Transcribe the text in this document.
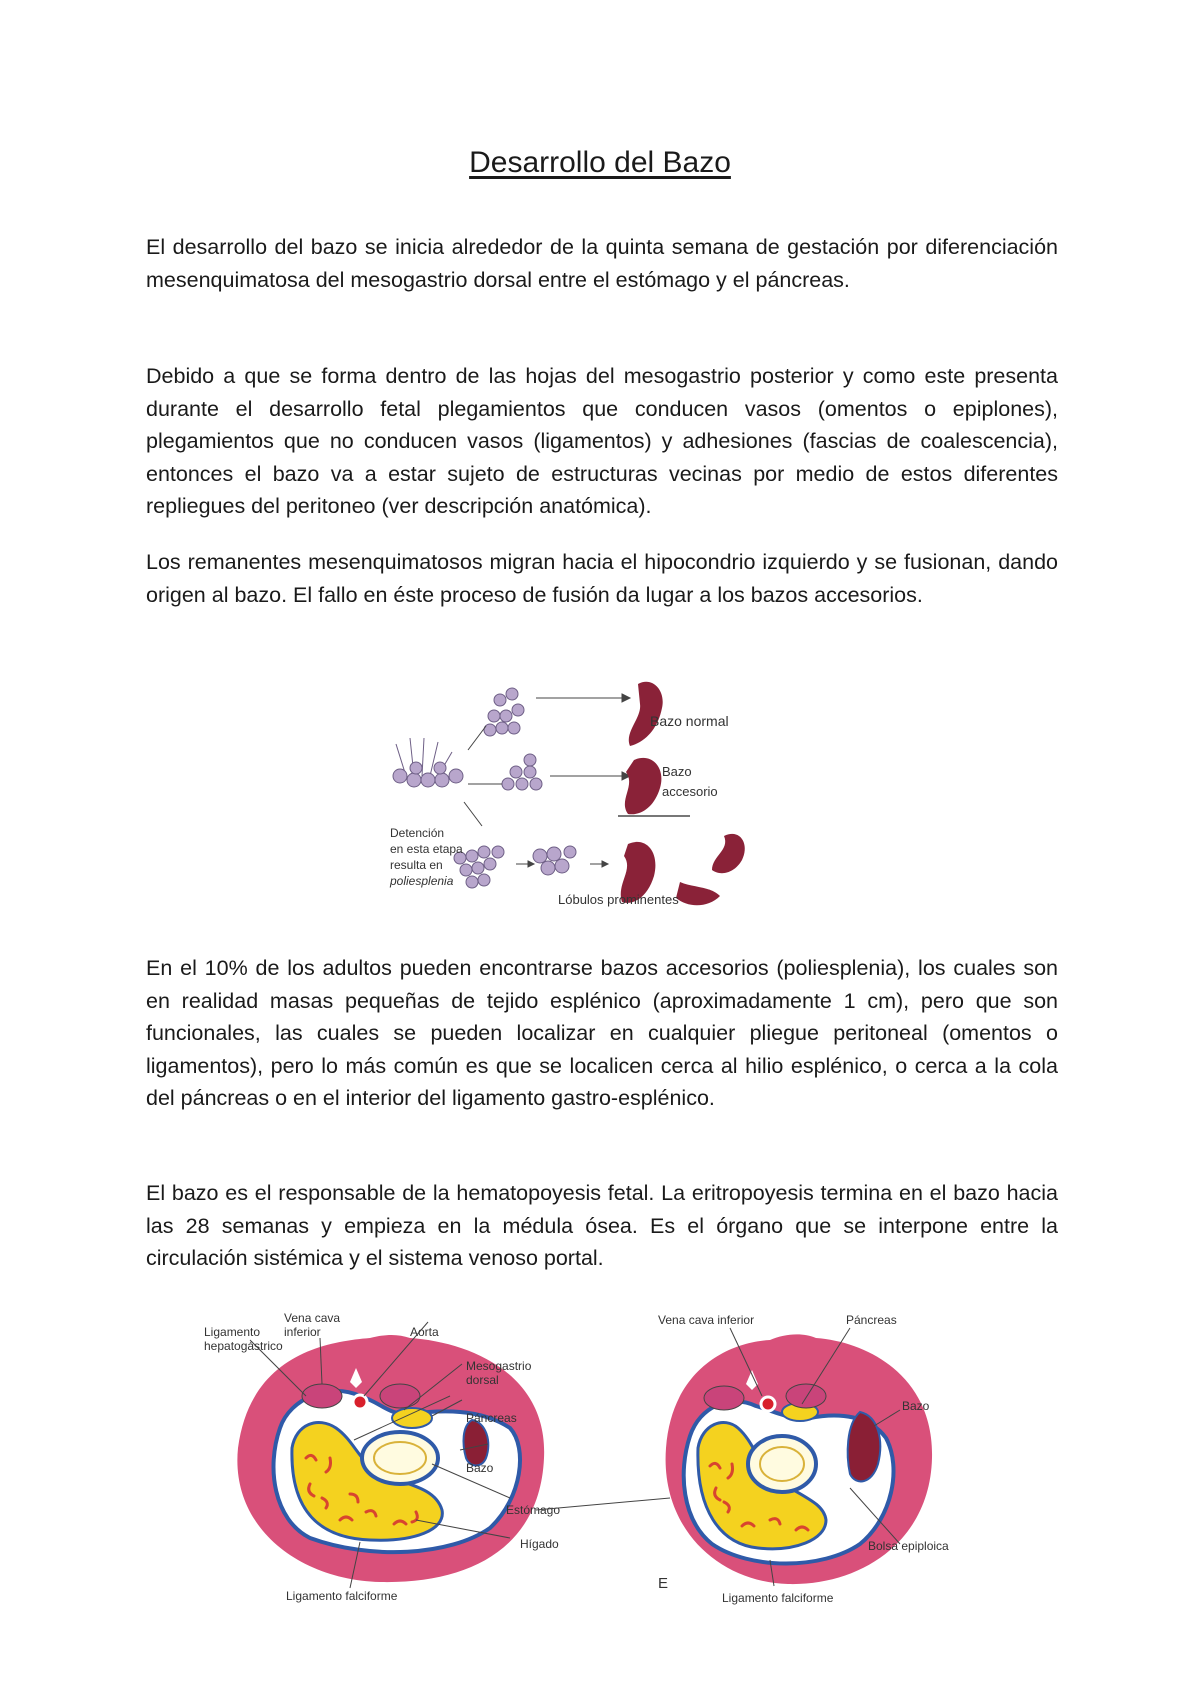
Desarrollo del Bazo

El desarrollo del bazo se inicia alrededor de la quinta semana de gestación por diferenciación mesenquimatosa del mesogastrio dorsal entre el estómago y el páncreas.

Debido a que se forma dentro de las hojas del mesogastrio posterior y como este presenta durante el desarrollo fetal plegamientos que conducen vasos (omentos o epiplones), plegamientos que no conducen vasos (ligamentos) y adhesiones (fascias de coalescencia), entonces el bazo va a estar sujeto de estructuras vecinas por medio de estos diferentes repliegues del peritoneo (ver descripción anatómica).

Los remanentes mesenquimatosos migran hacia el hipocondrio izquierdo y se fusionan, dando origen al bazo. El fallo en éste proceso de fusión da lugar a los bazos accesorios.

Bazo normal
Bazo
accesorio
Detención
en esta etapa
resulta en
poliesplenia
Lóbulos prominentes

En el 10% de los adultos pueden encontrarse bazos accesorios (poliesplenia), los cuales son en realidad masas pequeñas de tejido esplénico (aproximadamente 1 cm), pero que son funcionales, las cuales se pueden localizar en cualquier pliegue peritoneal (omentos o ligamentos), pero lo más común es que se localicen cerca al hilio esplénico, o cerca a la cola del páncreas o en el interior del ligamento gastro-esplénico.

El bazo es el responsable de la hematopoyesis fetal. La eritropoyesis termina en el bazo hacia las 28 semanas y empieza en la médula ósea. Es el órgano que se interpone entre la circulación sistémica y el sistema venoso portal.

Vena cava
inferior
Ligamento
hepatogástrico
Aorta
Mesogastrio
dorsal
Páncreas
Bazo
Estómago
Hígado
Ligamento falciforme
Vena cava inferior	Páncreas
Bazo
Bolsa epiploica
Ligamento falciforme
E
